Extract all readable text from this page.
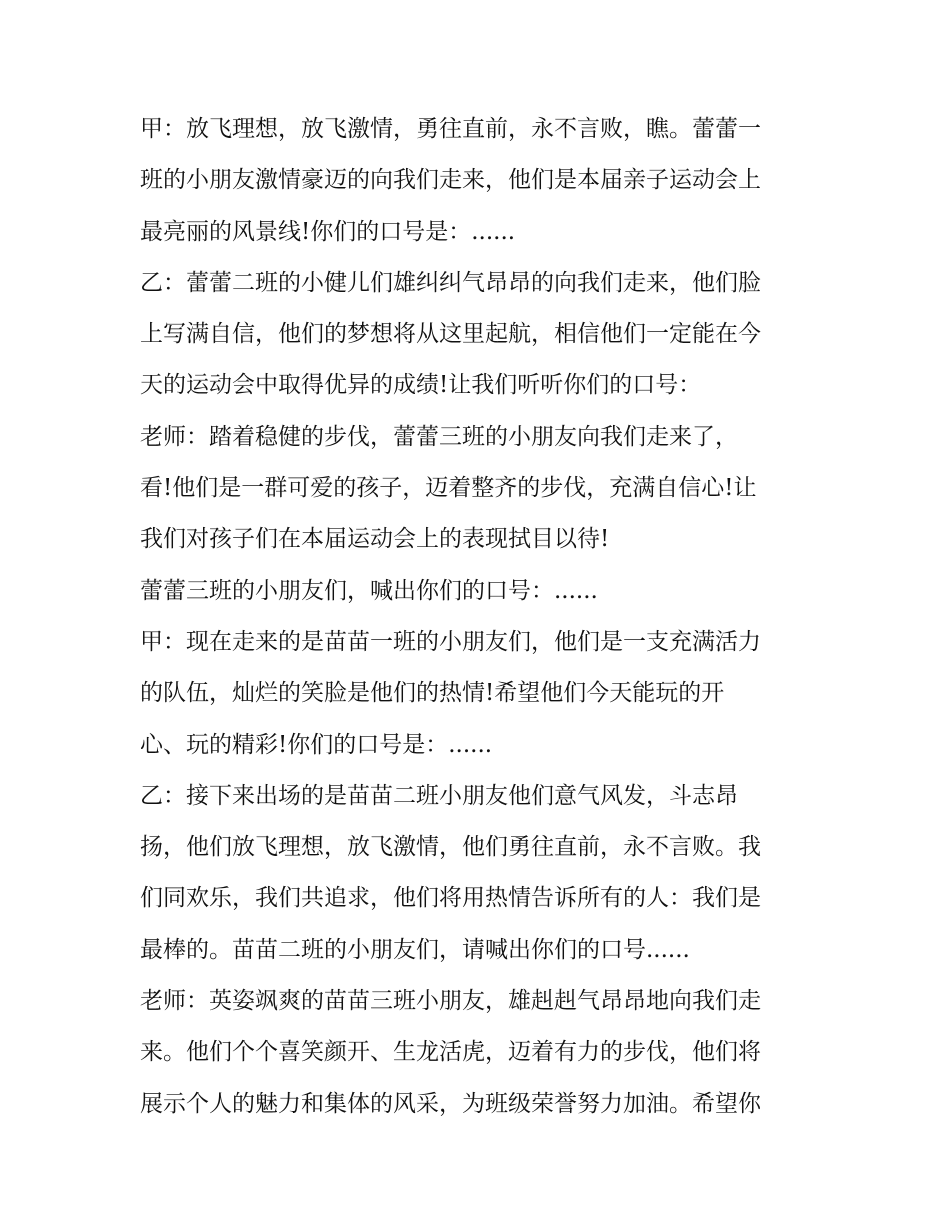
甲：放飞理想，放飞激情，勇往直前，永不言败，瞧。蕾蕾一
班的小朋友激情豪迈的向我们走来，他们是本届亲子运动会上
最亮丽的风景线!你们的口号是：......
乙：蕾蕾二班的小健儿们雄纠纠气昂昂的向我们走来，他们脸
上写满自信，他们的梦想将从这里起航，相信他们一定能在今
天的运动会中取得优异的成绩!让我们听听你们的口号：
老师：踏着稳健的步伐，蕾蕾三班的小朋友向我们走来了，
看!他们是一群可爱的孩子，迈着整齐的步伐，充满自信心!让
我们对孩子们在本届运动会上的表现拭目以待!
蕾蕾三班的小朋友们，喊出你们的口号：......
甲：现在走来的是苗苗一班的小朋友们，他们是一支充满活力
的队伍，灿烂的笑脸是他们的热情!希望他们今天能玩的开
心、玩的精彩!你们的口号是：......
乙：接下来出场的是苗苗二班小朋友他们意气风发，斗志昂
扬，他们放飞理想，放飞激情，他们勇往直前，永不言败。我
们同欢乐，我们共追求，他们将用热情告诉所有的人：我们是
最棒的。苗苗二班的小朋友们，请喊出你们的口号......
老师：英姿飒爽的苗苗三班小朋友，雄赳赳气昂昂地向我们走
来。他们个个喜笑颜开、生龙活虎，迈着有力的步伐，他们将
展示个人的魅力和集体的风采，为班级荣誉努力加油。希望你
